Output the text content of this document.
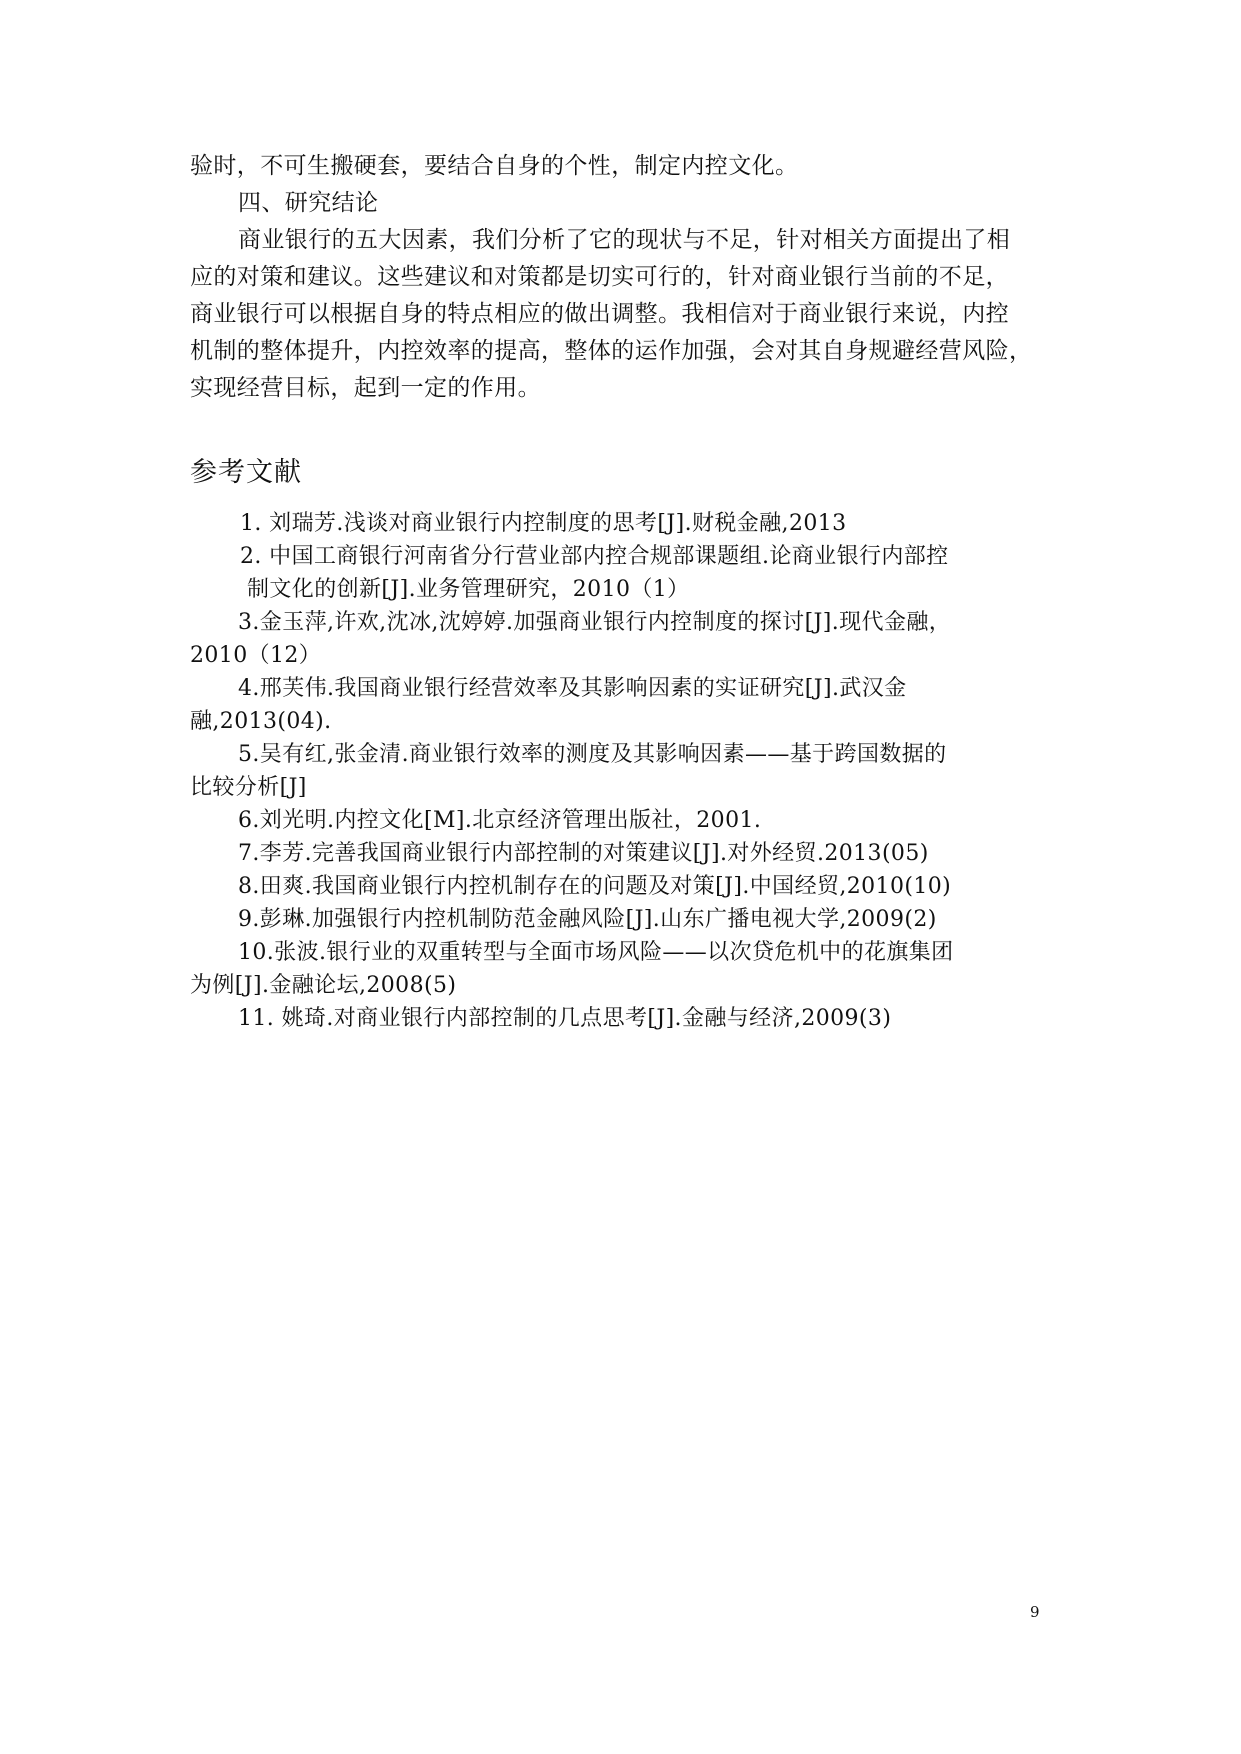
验时，不可生搬硬套，要结合自身的个性，制定内控文化。
四、研究结论
商业银行的五大因素，我们分析了它的现状与不足，针对相关方面提出了相
应的对策和建议。这些建议和对策都是切实可行的，针对商业银行当前的不足，
商业银行可以根据自身的特点相应的做出调整。我相信对于商业银行来说，内控
机制的整体提升，内控效率的提高，整体的运作加强，会对其自身规避经营风险，
实现经营目标，起到一定的作用。
参考文献
1. 刘瑞芳.浅谈对商业银行内控制度的思考[J].财税金融,2013
2. 中国工商银行河南省分行营业部内控合规部课题组.论商业银行内部控
制文化的创新[J].业务管理研究，2010（1）
3.金玉萍,许欢,沈冰,沈婷婷.加强商业银行内控制度的探讨[J].现代金融，
2010（12）
4.邢芙伟.我国商业银行经营效率及其影响因素的实证研究[J].武汉金
融,2013(04).
5.吴有红,张金清.商业银行效率的测度及其影响因素——基于跨国数据的
比较分析[J]
6.刘光明.内控文化[M].北京经济管理出版社，2001.
7.李芳.完善我国商业银行内部控制的对策建议[J].对外经贸.2013(05)
8.田爽.我国商业银行内控机制存在的问题及对策[J].中国经贸,2010(10)
9.彭琳.加强银行内控机制防范金融风险[J].山东广播电视大学,2009(2)
10.张波.银行业的双重转型与全面市场风险——以次贷危机中的花旗集团
为例[J].金融论坛,2008(5)
11. 姚琦.对商业银行内部控制的几点思考[J].金融与经济,2009(3)
9
